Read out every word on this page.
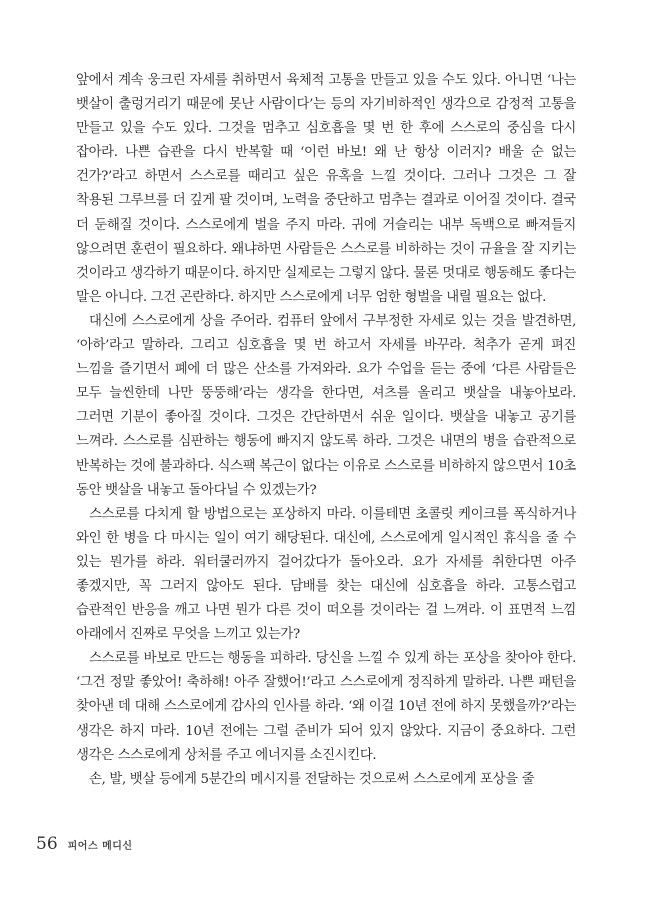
앞에서 계속 웅크린 자세를 취하면서 육체적 고통을 만들고 있을 수도 있다. 아니면 ‘나는 뱃살이 출렁거리기 때문에 못난 사람이다’는 등의 자기비하적인 생각으로 감정적 고통을 만들고 있을 수도 있다. 그것을 멈추고 심호흡을 몇 번 한 후에 스스로의 중심을 다시 잡아라. 나쁜 습관을 다시 반복할 때 ‘이런 바보! 왜 난 항상 이러지? 배울 순 없는 건가?’라고 하면서 스스로를 때리고 싶은 유혹을 느낄 것이다. 그러나 그것은 그 잘 착용된 그루브를 더 깊게 팔 것이며, 노력을 중단하고 멈추는 결과로 이어질 것이다. 결국 더 둔해질 것이다. 스스로에게 벌을 주지 마라. 귀에 거슬리는 내부 독백으로 빠져들지 않으려면 훈련이 필요하다. 왜냐하면 사람들은 스스로를 비하하는 것이 규율을 잘 지키는 것이라고 생각하기 때문이다. 하지만 실제로는 그렇지 않다. 물론 멋대로 행동해도 좋다는 말은 아니다. 그건 곤란하다. 하지만 스스로에게 너무 엄한 형벌을 내릴 필요는 없다.

대신에 스스로에게 상을 주어라. 컴퓨터 앞에서 구부정한 자세로 있는 것을 발견하면, ‘아하’라고 말하라. 그리고 심호흡을 몇 번 하고서 자세를 바꾸라. 척추가 곧게 펴진 느낌을 즐기면서 폐에 더 많은 산소를 가져와라. 요가 수업을 듣는 중에 ‘다른 사람들은 모두 늘씬한데 나만 뚱뚱해’라는 생각을 한다면, 셔츠를 올리고 뱃살을 내놓아보라. 그러면 기분이 좋아질 것이다. 그것은 간단하면서 쉬운 일이다. 뱃살을 내놓고 공기를 느껴라. 스스로를 심판하는 행동에 빠지지 않도록 하라. 그것은 내면의 병을 습관적으로 반복하는 것에 불과하다. 식스팩 복근이 없다는 이유로 스스로를 비하하지 않으면서 10초 동안 뱃살을 내놓고 돌아다닐 수 있겠는가?

스스로를 다치게 할 방법으로는 포상하지 마라. 이를테면 초콜릿 케이크를 폭식하거나 와인 한 병을 다 마시는 일이 여기 해당된다. 대신에, 스스로에게 일시적인 휴식을 줄 수 있는 뭔가를 하라. 워터쿨러까지 걸어갔다가 돌아오라. 요가 자세를 취한다면 아주 좋겠지만, 꼭 그러지 않아도 된다. 담배를 찾는 대신에 심호흡을 하라. 고통스럽고 습관적인 반응을 깨고 나면 뭔가 다른 것이 떠오를 것이라는 걸 느껴라. 이 표면적 느낌 아래에서 진짜로 무엇을 느끼고 있는가?

스스로를 바보로 만드는 행동을 피하라. 당신을 느낄 수 있게 하는 포상을 찾아야 한다. ‘그건 정말 좋았어! 축하해! 아주 잘했어!’라고 스스로에게 정직하게 말하라. 나쁜 패턴을 찾아낸 데 대해 스스로에게 감사의 인사를 하라. ‘왜 이걸 10년 전에 하지 못했을까?’라는 생각은 하지 마라. 10년 전에는 그럴 준비가 되어 있지 않았다. 지금이 중요하다. 그런 생각은 스스로에게 상처를 주고 에너지를 소진시킨다.

손, 발, 뱃살 등에게 5분간의 메시지를 전달하는 것으로써 스스로에게 포상을 줄

56 피어스 메디신
